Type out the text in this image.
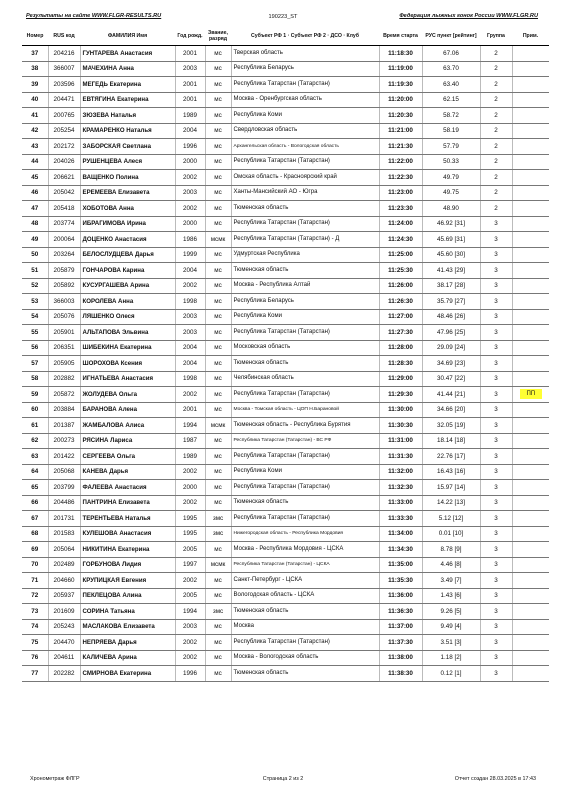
190223_ST
Результаты на сайте WWW.FLGR-RESULTS.RU	Федерация лыжных гонок России WWW.FLGR.RU
Номер	RUS код	ФАМИЛИЯ Имя	Год рожд.	Звание, разряд	Субъект РФ 1 · Субъект РФ 2 · ДСО · Клуб	Время старта	РУС пункт [рейтинг]	Группа	Прим.
37	204216	ГУНТАРЕВА Анастасия	2001	мс	Тверская область	11:18:30	67.06	2	
38	366007	МАЧЕХИНА Анна	2003	мс	Республика Беларусь	11:19:00	63.70	2	
39	203596	МЕГЕДЬ Екатерина	2001	мс	Республика Татарстан (Татарстан)	11:19:30	63.40	2	
40	204471	ЕВТЯГИНА Екатерина	2001	мс	Москва - Оренбургская область	11:20:00	62.15	2	
41	200765	ЗЮЗЕВА Наталья	1989	мс	Республика Коми	11:20:30	58.72	2	
42	205254	КРАМАРЕНКО Наталья	2004	мс	Свердловская область	11:21:00	58.19	2	
43	202172	ЗАБОРСКАЯ Светлана	1996	мс	Архангельская область - Вологодская область	11:21:30	57.79	2	
44	204026	РУШЕНЦЕВА Алеся	2000	мс	Республика Татарстан (Татарстан)	11:22:00	50.33	2	
45	206621	ВАЩЕНКО Полина	2002	мс	Омская область - Красноярский край	11:22:30	49.79	2	
46	205042	ЕРЕМЕЕВА Елизавета	2003	мс	Ханты-Мансийский АО - Югра	11:23:00	49.75	2	
47	205418	ХОБОТОВА Анна	2002	мс	Тюменская область	11:23:30	48.90	2	
48	203774	ИБРАГИМОВА Ирина	2000	мс	Республика Татарстан (Татарстан)	11:24:00	46.92 [31]	3	
49	200064	ДОЦЕНКО Анастасия	1986	мсмк	Республика Татарстан (Татарстан) - Д	11:24:30	45.69 [31]	3	
50	203264	БЕЛОСЛУДЦЕВА Дарья	1999	мс	Удмуртская Республика	11:25:00	45.60 [30]	3	
51	205879	ГОНЧАРОВА Карина	2004	мс	Тюменская область	11:25:30	41.43 [29]	3	
52	205892	КУСУРГАШЕВА Арина	2002	мс	Москва - Республика Алтай	11:26:00	38.17 [28]	3	
53	366003	КОРОЛЕВА Анна	1998	мс	Республика Беларусь	11:26:30	35.79 [27]	3	
54	205076	ЛЯШЕНКО Олеся	2003	мс	Республика Коми	11:27:00	48.46 [26]	3	
55	205901	АЛЬТАПОВА Эльвина	2003	мс	Республика Татарстан (Татарстан)	11:27:30	47.96 [25]	3	
56	206351	ШИБЕКИНА Екатерина	2004	мс	Московская область	11:28:00	29.09 [24]	3	
57	205905	ШОРОХОВА Ксения	2004	мс	Тюменская область	11:28:30	34.69 [23]	3	
58	202882	ИГНАТЬЕВА Анастасия	1998	мс	Челябинская область	11:29:00	30.47 [22]	3	
59	205872	ЖОЛУДЕВА Ольга	2002	мс	Республика Татарстан (Татарстан)	11:29:30	41.44 [21]	3	ПП
60	203884	БАРАНОВА Алена	2001	мс	Москва - Томская область - ЦОП Н.Барановой	11:30:00	34.66 [20]	3	
61	201387	ЖАМБАЛОВА Алиса	1994	мсмк	Тюменская область - Республика Бурятия	11:30:30	32.05 [19]	3	
62	200273	РЯСИНА Лариса	1987	мс	Республика Татарстан (Татарстан) - ВС РФ	11:31:00	18.14 [18]	3	
63	201422	СЕРГЕЕВА Ольга	1989	мс	Республика Татарстан (Татарстан)	11:31:30	22.76 [17]	3	
64	205068	КАНЕВА Дарья	2002	мс	Республика Коми	11:32:00	16.43 [16]	3	
65	203799	ФАЛЕЕВА Анастасия	2000	мс	Республика Татарстан (Татарстан)	11:32:30	15.97 [14]	3	
66	204486	ПАНТРИНА Елизавета	2002	мс	Тюменская область	11:33:00	14.22 [13]	3	
67	201731	ТЕРЕНТЬЕВА Наталья	1995	змс	Республика Татарстан (Татарстан)	11:33:30	5.12 [12]	3	
68	201583	КУЛЕШОВА Анастасия	1995	змс	Нижегородская область - Республика Мордовия	11:34:00	0.01 [10]	3	
69	205064	НИКИТИНА Екатерина	2005	мс	Москва - Республика Мордовия - ЦСКА	11:34:30	8.78 [9]	3	
70	202489	ГОРБУНОВА Лидия	1997	мсмк	Республика Татарстан (Татарстан) - ЦСКА	11:35:00	4.46 [8]	3	
71	204660	КРУПИЦКАЯ Евгения	2002	мс	Санкт-Петербург - ЦСКА	11:35:30	3.49 [7]	3	
72	205937	ПЕКЛЕЦОВА Алина	2005	мс	Вологодская область - ЦСКА	11:36:00	1.43 [6]	3	
73	201609	СОРИНА Татьяна	1994	змс	Тюменская область	11:36:30	9.26 [5]	3	
74	205243	МАСЛАКОВА Елизавета	2003	мс	Москва	11:37:00	9.49 [4]	3	
75	204470	НЕПРЯЕВА Дарья	2002	мс	Республика Татарстан (Татарстан)	11:37:30	3.51 [3]	3	
76	204611	КАЛИЧЕВА Арина	2002	мс	Москва - Вологодская область	11:38:00	1.18 [2]	3	
77	202282	СМИРНОВА Екатерина	1996	мс	Тюменская область	11:38:30	0.12 [1]	3	
Хронометраж ФЛГР	Страница 2 из 2	Отчет создан 28.03.2025 в 17:43
